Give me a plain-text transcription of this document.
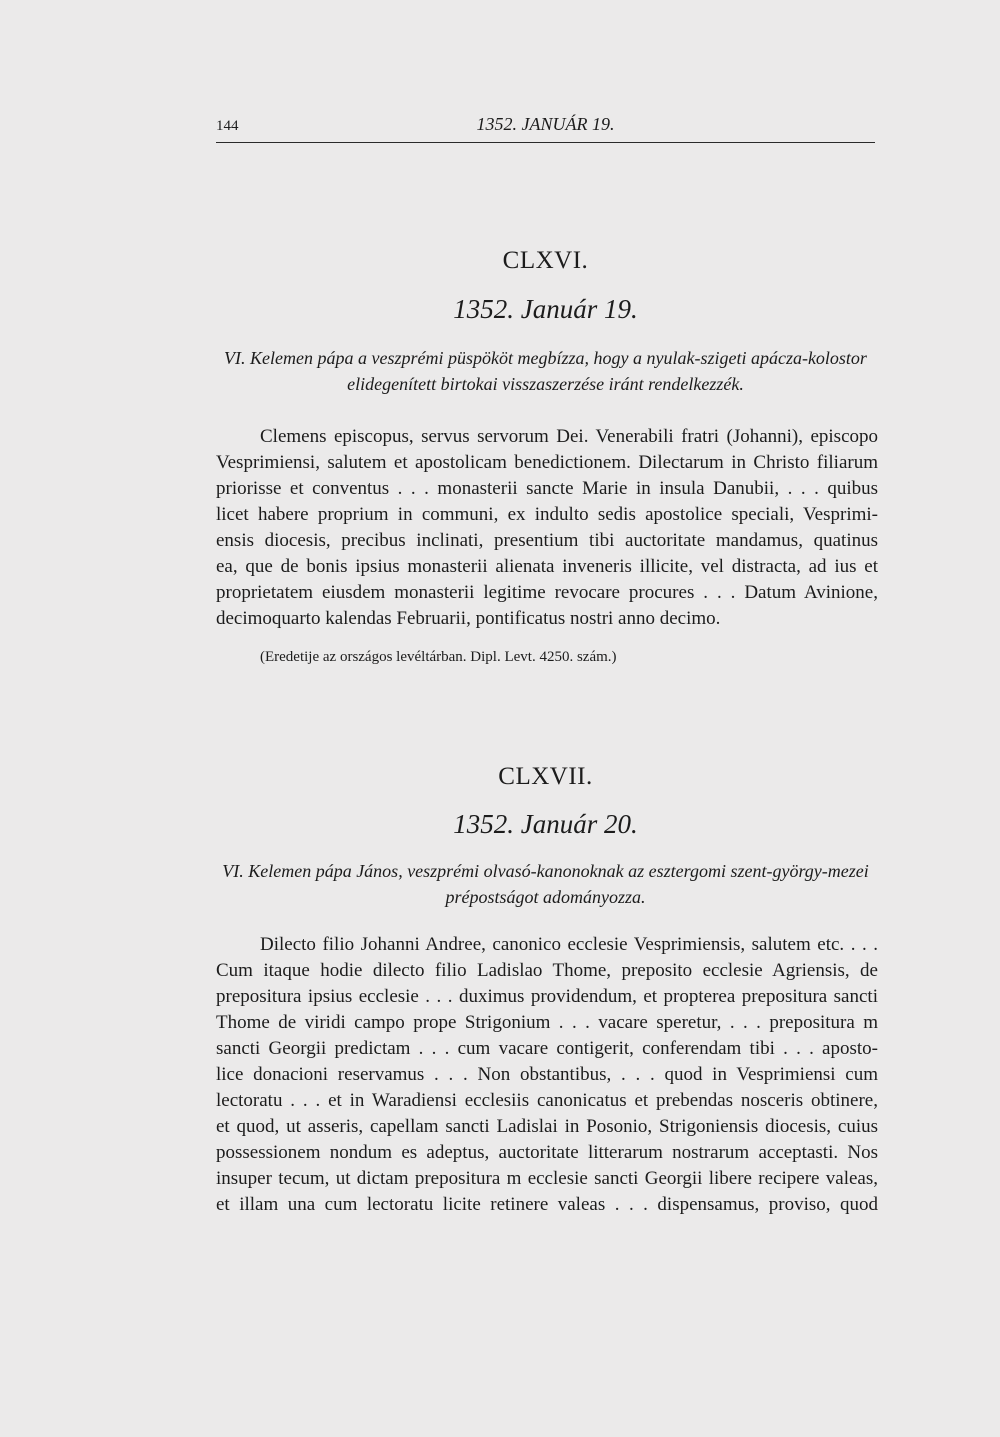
144	1352. JANUÁR 19.
CLXVI.
1352. Január 19.
VI. Kelemen pápa a veszprémi püspököt megbízza, hogy a nyulak-szigeti apácza-kolostor
elidegenített birtokai visszaszerzése iránt rendelkezzék.
Clemens episcopus, servus servorum Dei. Venerabili fratri (Johanni), episcopo
Vesprimiensi, salutem et apostolicam benedictionem. Dilectarum in Christo filiarum
priorisse et conventus . . . monasterii sancte Marie in insula Danubii, . . . quibus
licet habere proprium in communi, ex indulto sedis apostolice speciali, Vesprimi-
ensis diocesis, precibus inclinati, presentium tibi auctoritate mandamus, quatinus
ea, que de bonis ipsius monasterii alienata inveneris illicite, vel distracta, ad ius et
proprietatem eiusdem monasterii legitime revocare procures . . . Datum Avinione,
decimoquarto kalendas Februarii, pontificatus nostri anno decimo.
(Eredetije az országos levéltárban. Dipl. Levt. 4250. szám.)
CLXVII.
1352. Január 20.
VI. Kelemen pápa János, veszprémi olvasó-kanonoknak az esztergomi szent-györgy-mezei
prépostságot adományozza.
Dilecto filio Johanni Andree, canonico ecclesie Vesprimiensis, salutem etc. . . .
Cum itaque hodie dilecto filio Ladislao Thome, preposito ecclesie Agriensis, de
prepositura ipsius ecclesie . . . duximus providendum, et propterea prepositura sancti
Thome de viridi campo prope Strigonium . . . vacare speretur, . . . prepositura m
sancti Georgii predictam . . . cum vacare contigerit, conferendam tibi . . . aposto-
lice donacioni reservamus . . . Non obstantibus, . . . quod in Vesprimiensi cum
lectoratu . . . et in Waradiensi ecclesiis canonicatus et prebendas nosceris obtinere,
et quod, ut asseris, capellam sancti Ladislai in Posonio, Strigoniensis diocesis, cuius
possessionem nondum es adeptus, auctoritate litterarum nostrarum acceptasti. Nos
insuper tecum, ut dictam prepositura m ecclesie sancti Georgii libere recipere valeas,
et illam una cum lectoratu licite retinere valeas . . . dispensamus, proviso, quod
